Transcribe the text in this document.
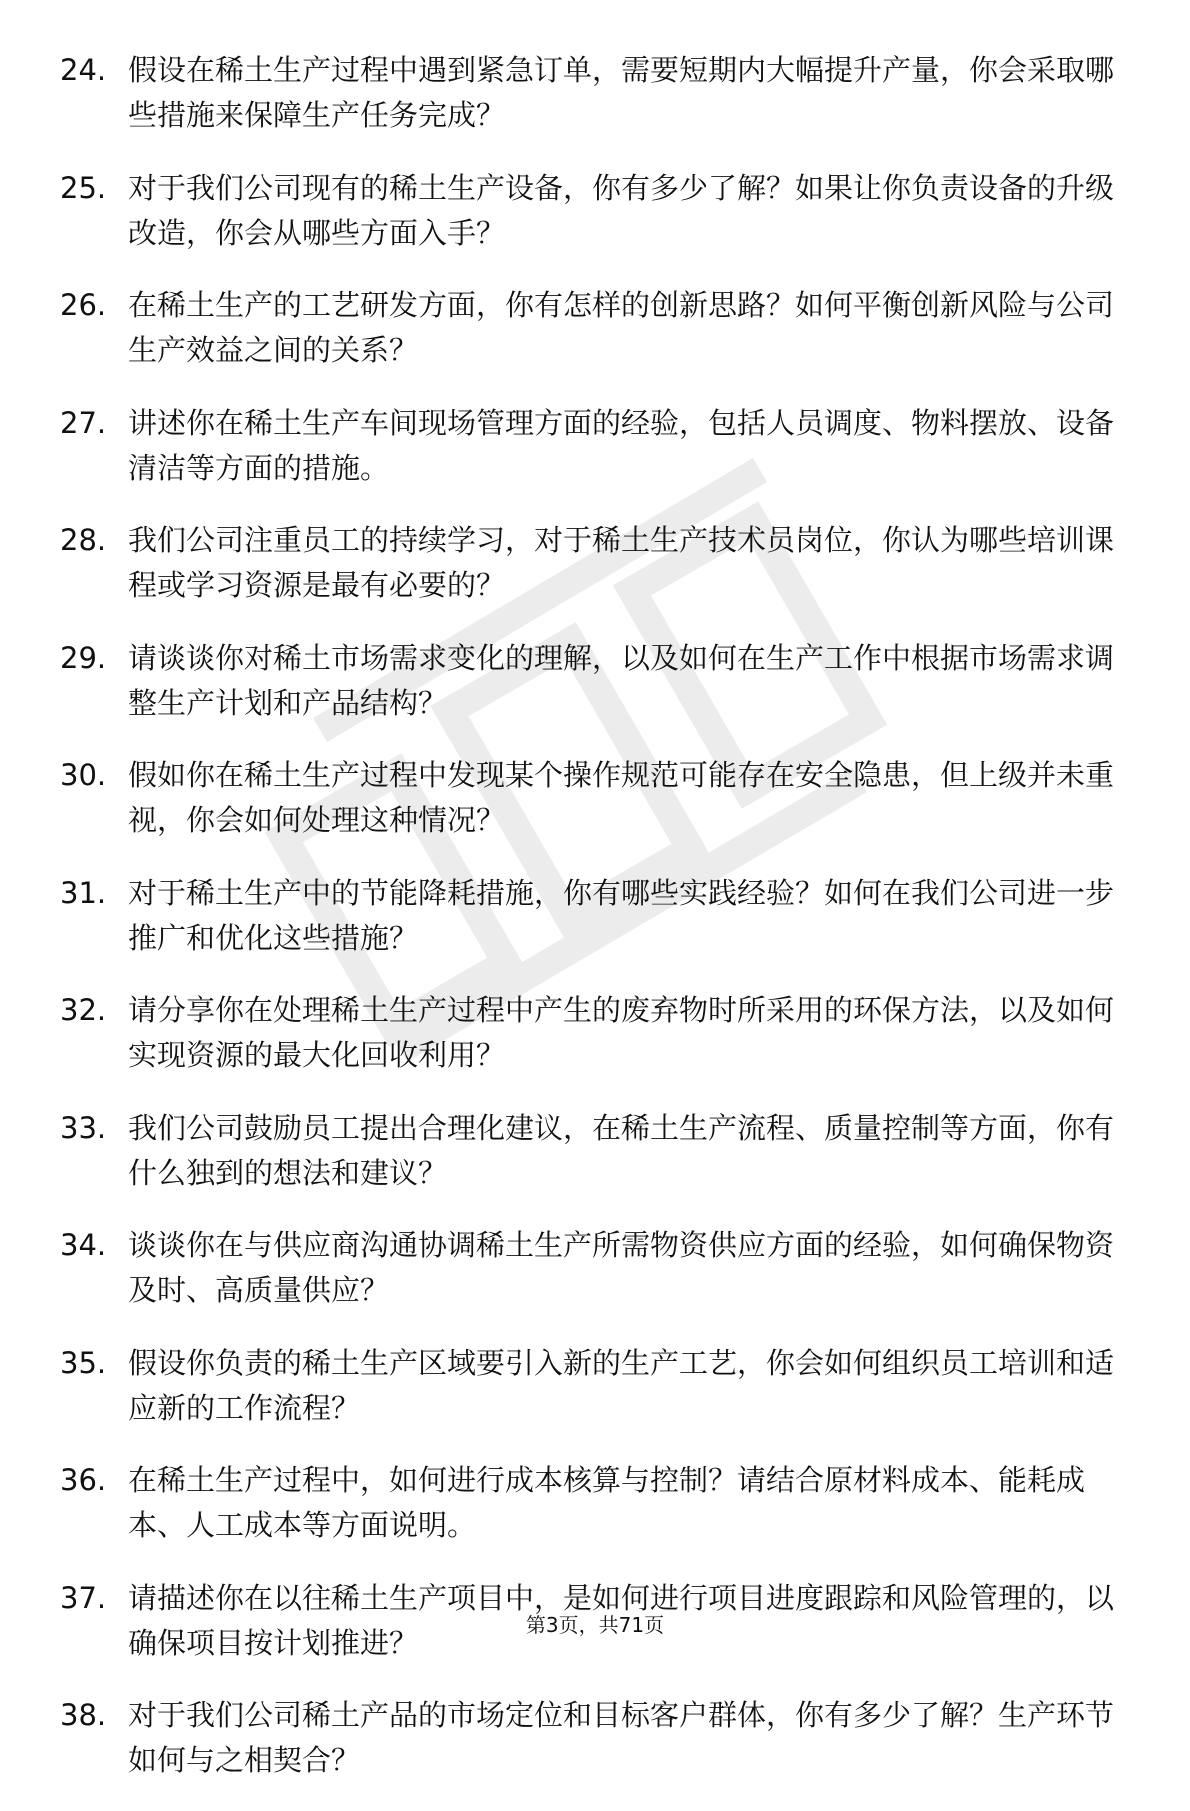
24. 假设在稀土生产过程中遇到紧急订单，需要短期内大幅提升产量，你会采取哪些措施来保障生产任务完成？
25. 对于我们公司现有的稀土生产设备，你有多少了解？如果让你负责设备的升级改造，你会从哪些方面入手？
26. 在稀土生产的工艺研发方面，你有怎样的创新思路？如何平衡创新风险与公司生产效益之间的关系？
27. 讲述你在稀土生产车间现场管理方面的经验，包括人员调度、物料摆放、设备清洁等方面的措施。
28. 我们公司注重员工的持续学习，对于稀土生产技术员岗位，你认为哪些培训课程或学习资源是最有必要的？
29. 请谈谈你对稀土市场需求变化的理解，以及如何在生产工作中根据市场需求调整生产计划和产品结构？
30. 假如你在稀土生产过程中发现某个操作规范可能存在安全隐患，但上级并未重视，你会如何处理这种情况？
31. 对于稀土生产中的节能降耗措施，你有哪些实践经验？如何在我们公司进一步推广和优化这些措施？
32. 请分享你在处理稀土生产过程中产生的废弃物时所采用的环保方法，以及如何实现资源的最大化回收利用？
33. 我们公司鼓励员工提出合理化建议，在稀土生产流程、质量控制等方面，你有什么独到的想法和建议？
34. 谈谈你在与供应商沟通协调稀土生产所需物资供应方面的经验，如何确保物资及时、高质量供应？
35. 假设你负责的稀土生产区域要引入新的生产工艺，你会如何组织员工培训和适应新的工作流程？
36. 在稀土生产过程中，如何进行成本核算与控制？请结合原材料成本、能耗成本、人工成本等方面说明。
37. 请描述你在以往稀土生产项目中，是如何进行项目进度跟踪和风险管理的，以确保项目按计划推进？
38. 对于我们公司稀土产品的市场定位和目标客户群体，你有多少了解？生产环节如何与之相契合？
第3页，共71页
